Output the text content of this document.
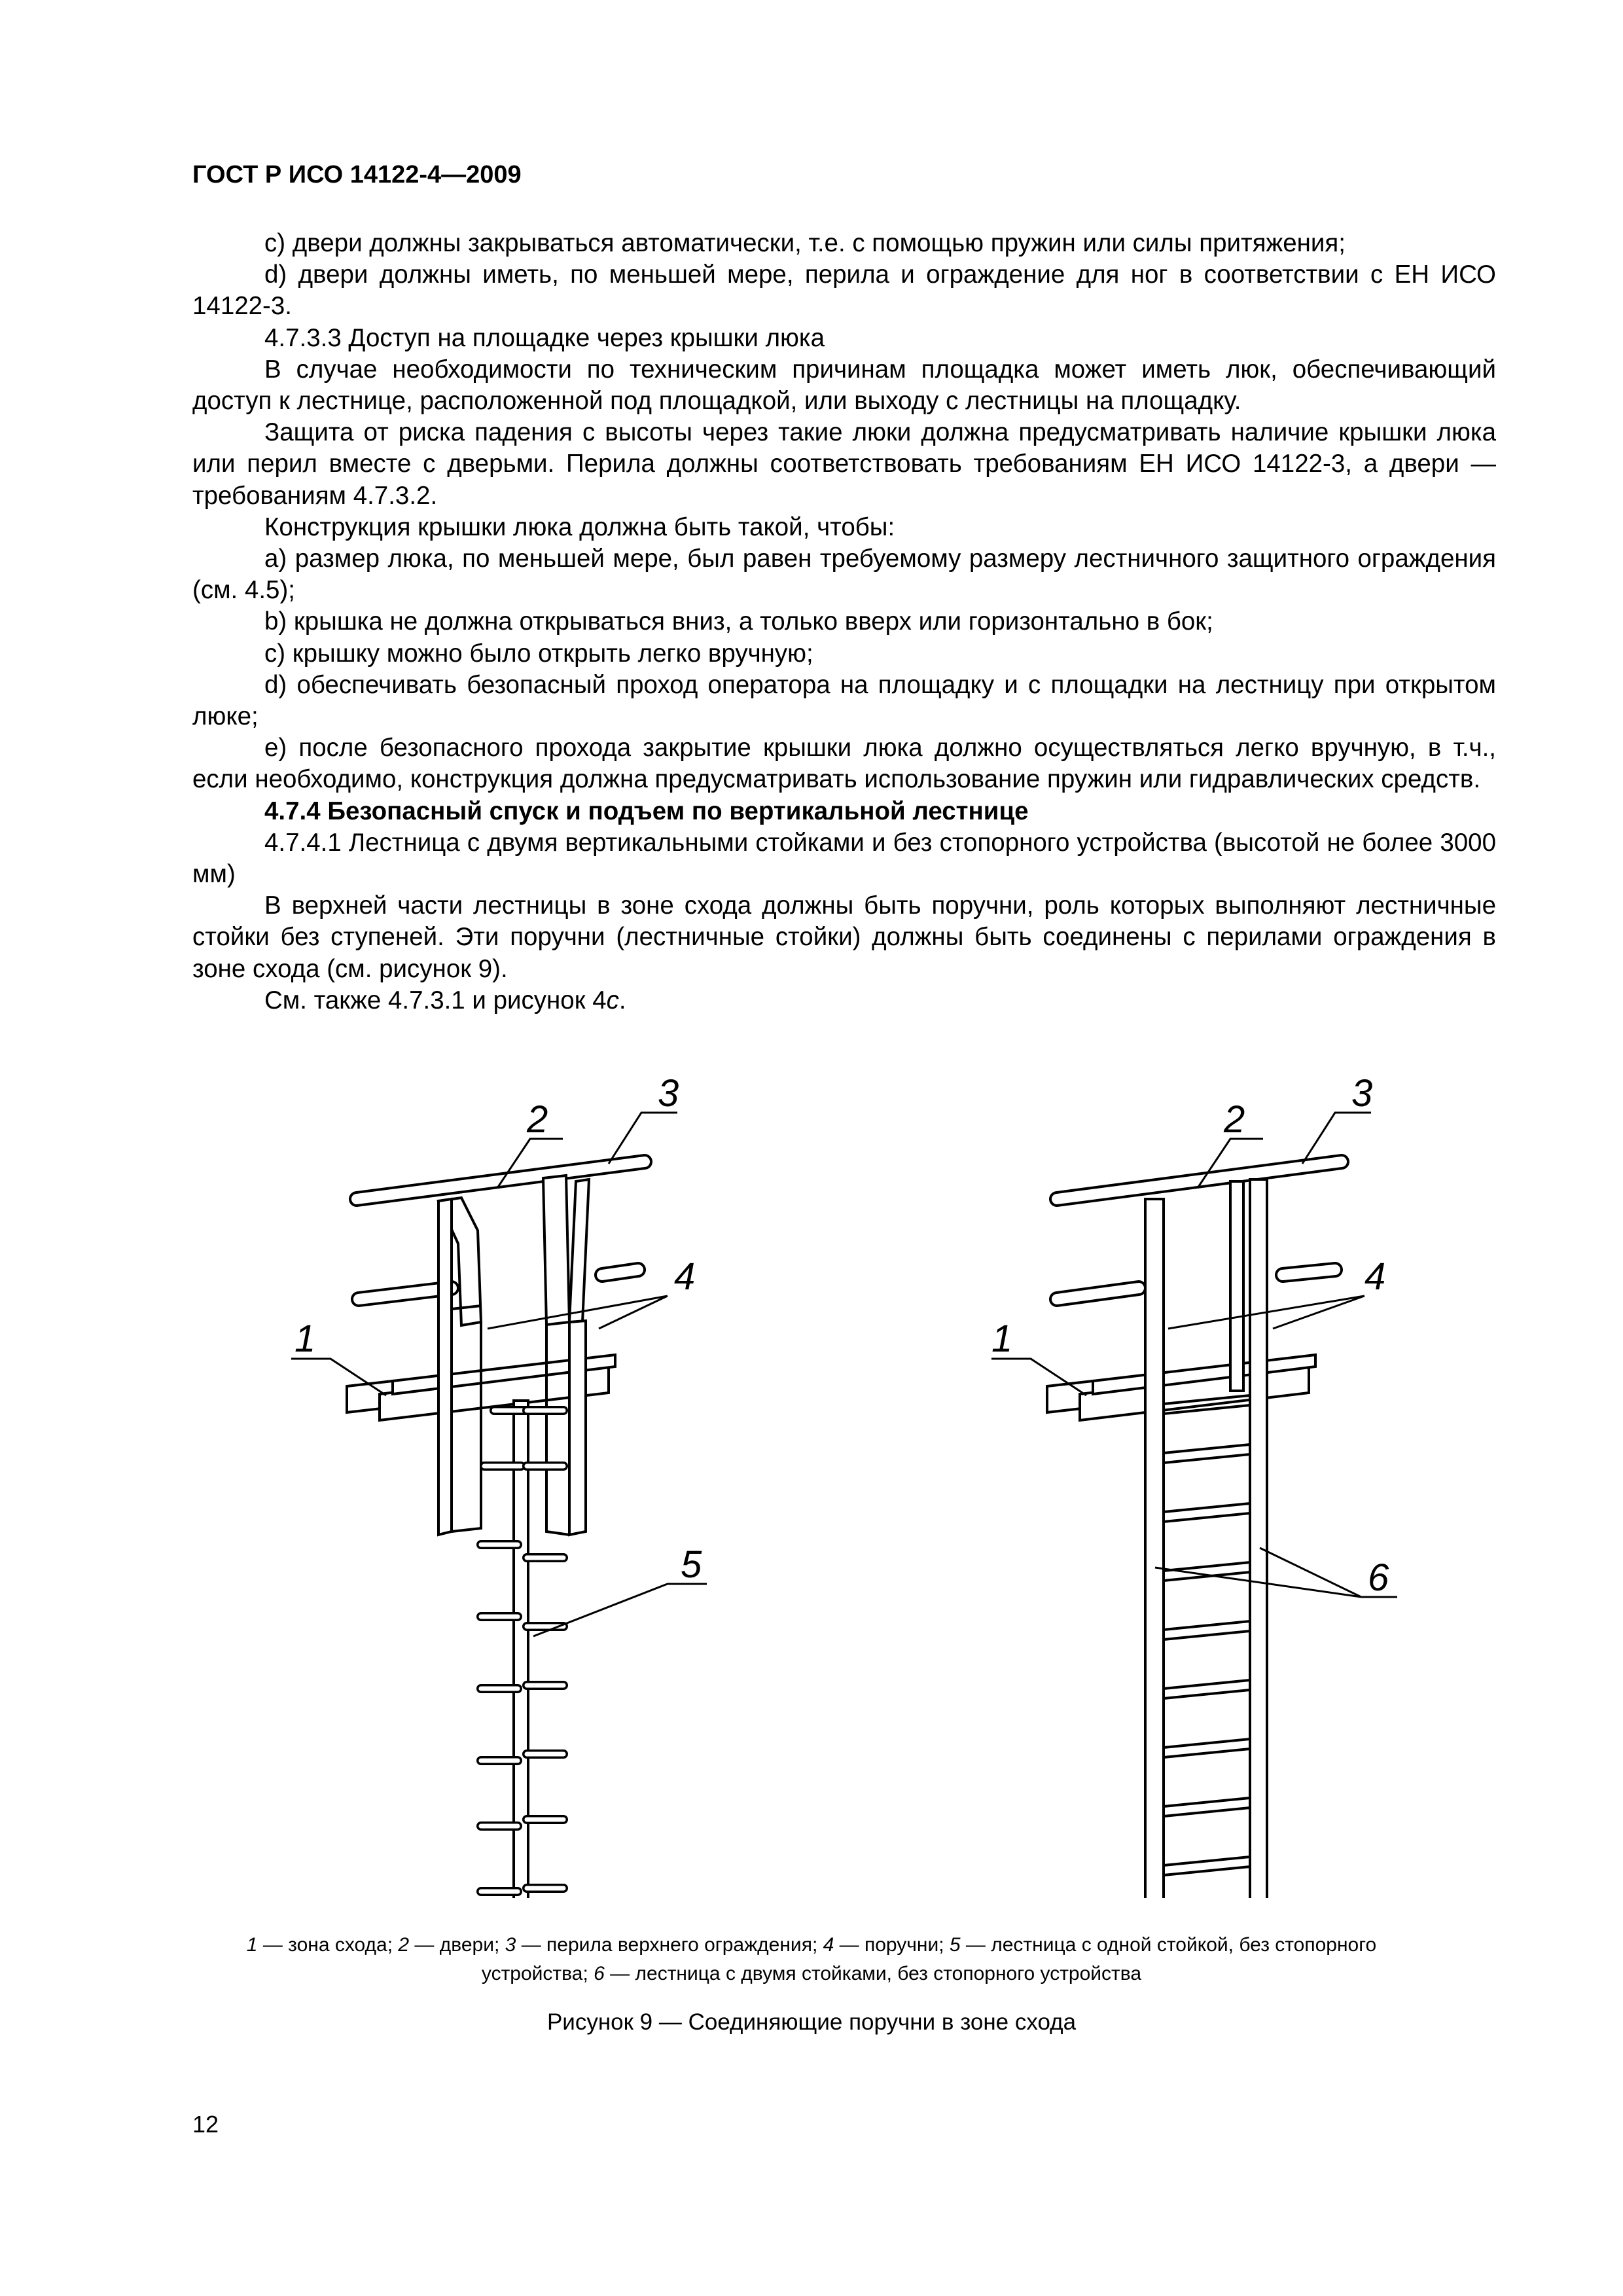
ГОСТ Р ИСО 14122-4—2009

c) двери должны закрываться автоматически, т.е. с помощью пружин или силы притяжения;

d) двери должны иметь, по меньшей мере, перила и ограждение для ног в соответствии с ЕН ИСО 14122-3.

4.7.3.3 Доступ на площадке через крышки люка

В случае необходимости по техническим причинам площадка может иметь люк, обеспечивающий доступ к лестнице, расположенной под площадкой, или выходу с лестницы на площадку.

Защита от риска падения с высоты через такие люки должна предусматривать наличие крышки люка или перил вместе с дверьми. Перила должны соответствовать требованиям ЕН ИСО 14122-3, а двери — требованиям 4.7.3.2.

Конструкция крышки люка должна быть такой, чтобы:

a) размер люка, по меньшей мере, был равен требуемому размеру лестничного защитного ограждения (см. 4.5);

b) крышка не должна открываться вниз, а только вверх или горизонтально в бок;

c) крышку можно было открыть легко вручную;

d) обеспечивать безопасный проход оператора на площадку и с площадки на лестницу при открытом люке;

e) после безопасного прохода закрытие крышки люка должно осуществляться легко вручную, в т.ч., если необходимо, конструкция должна предусматривать использование пружин или гидравлических средств.

4.7.4 Безопасный спуск и подъем по вертикальной лестнице

4.7.4.1 Лестница с двумя вертикальными стойками и без стопорного устройства (высотой не более 3000 мм)

В верхней части лестницы в зоне схода должны быть поручни, роль которых выполняют лестничные стойки без ступеней. Эти поручни (лестничные стойки) должны быть соединены с перилами ограждения в зоне схода (см. рисунок 9).

См. также 4.7.3.1 и рисунок 4c.

2
3
4
1
5
2
3
4
1
6
1 — зона схода; 2 — двери; 3 — перила верхнего ограждения; 4 — поручни; 5 — лестница с одной стойкой, без стопорного устройства; 6 — лестница с двумя стойками, без стопорного устройства
Рисунок 9 — Соединяющие поручни в зоне схода
12
